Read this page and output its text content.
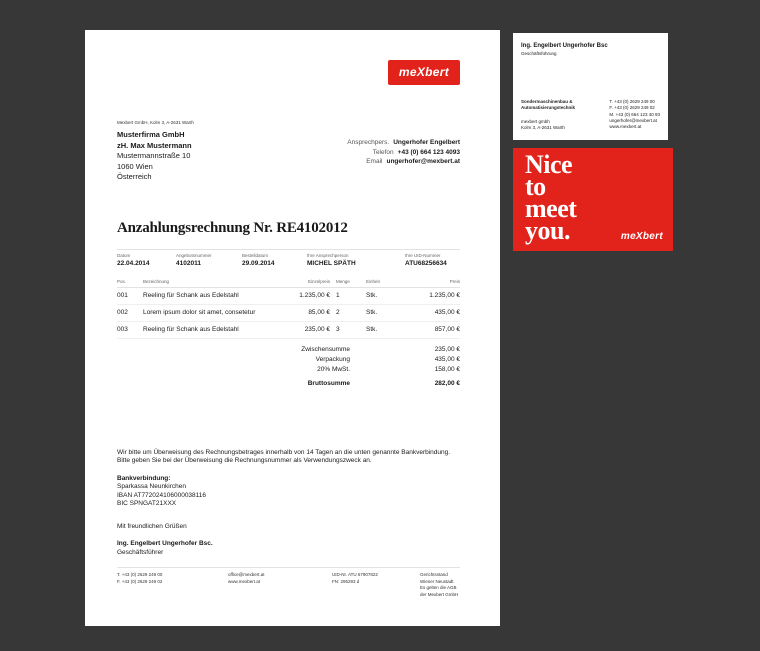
meXbert
Mexbert GmbH, Kolm 3, A-2631 Warth
Musterfirma GmbH
zH. Max Mustermann
Mustermannstraße 10
1060 Wien
Österreich
Ansprechpers. Ungerhofer Engelbert
Telefon +43 (0) 664 123 4093
Email ungerhofer@mexbert.at
Anzahlungsrechnung Nr. RE4102012
Datum
22.04.2014
Angebotsnummer
4102011
Bestelldatum
29.09.2014
Ihre Ansprechperson
MICHEL SPÄTH
Ihre UID-Nummer
ATU68256634
Pos.	Bezeichnung	Einzelpreis Menge	Einheit	Preis
001	Reeling für Schank aus Edelstahl	1.235,00 € 1	Stk.	1.235,00 €
002	Lorem ipsum dolor sit amet, consetetur	85,00 € 2	Stk.	435,00 €
003	Reeling für Schank aus Edelstahl	235,00 € 3	Stk.	857,00 €
Zwischensumme	235,00 €
Verpackung	435,00 €
20% MwSt.	158,00 €
Bruttosumme	282,00 €
Wir bitte um Überweisung des Rechnungsbetrages innerhalb von 14 Tagen an die unten genannte Bankverbindung.
Bitte geben Sie bei der Überweisung die Rechnungsnummer als Verwendungszweck an.
Bankverbindung:
Sparkassa Neunkirchen
IBAN AT772024106000038116
BIC SPNGAT21XXX
Mit freundlichen Grüßen
Ing. Engelbert Ungerhofer Bsc.
Geschäftsführer
T. +43 (0) 2629 249 00
F. +43 (0) 2629 249 02
office@mexbert.at
www.mexbert.at
UID-Nr. ATU 67907822
FN: 295293 d
Gerichtsstand Wiener Neustadt
Es gelten die AGB der Mexbert GmbH
Ing. Engelbert Ungerhofer Bsc
Geschäftsführung
Sondermaschinenbau &
Automatisierungstechnik
mexbert gmbh
Kolm 3, A-2631 Warth
T. +43 (0) 2629 249 00
F. +43 (0) 2629 249 02
M. +43 (0) 664 123 40 93
ungerhofer@mexbert.at
www.mexbert.at
Nice
to
meet
you.	meXbert
